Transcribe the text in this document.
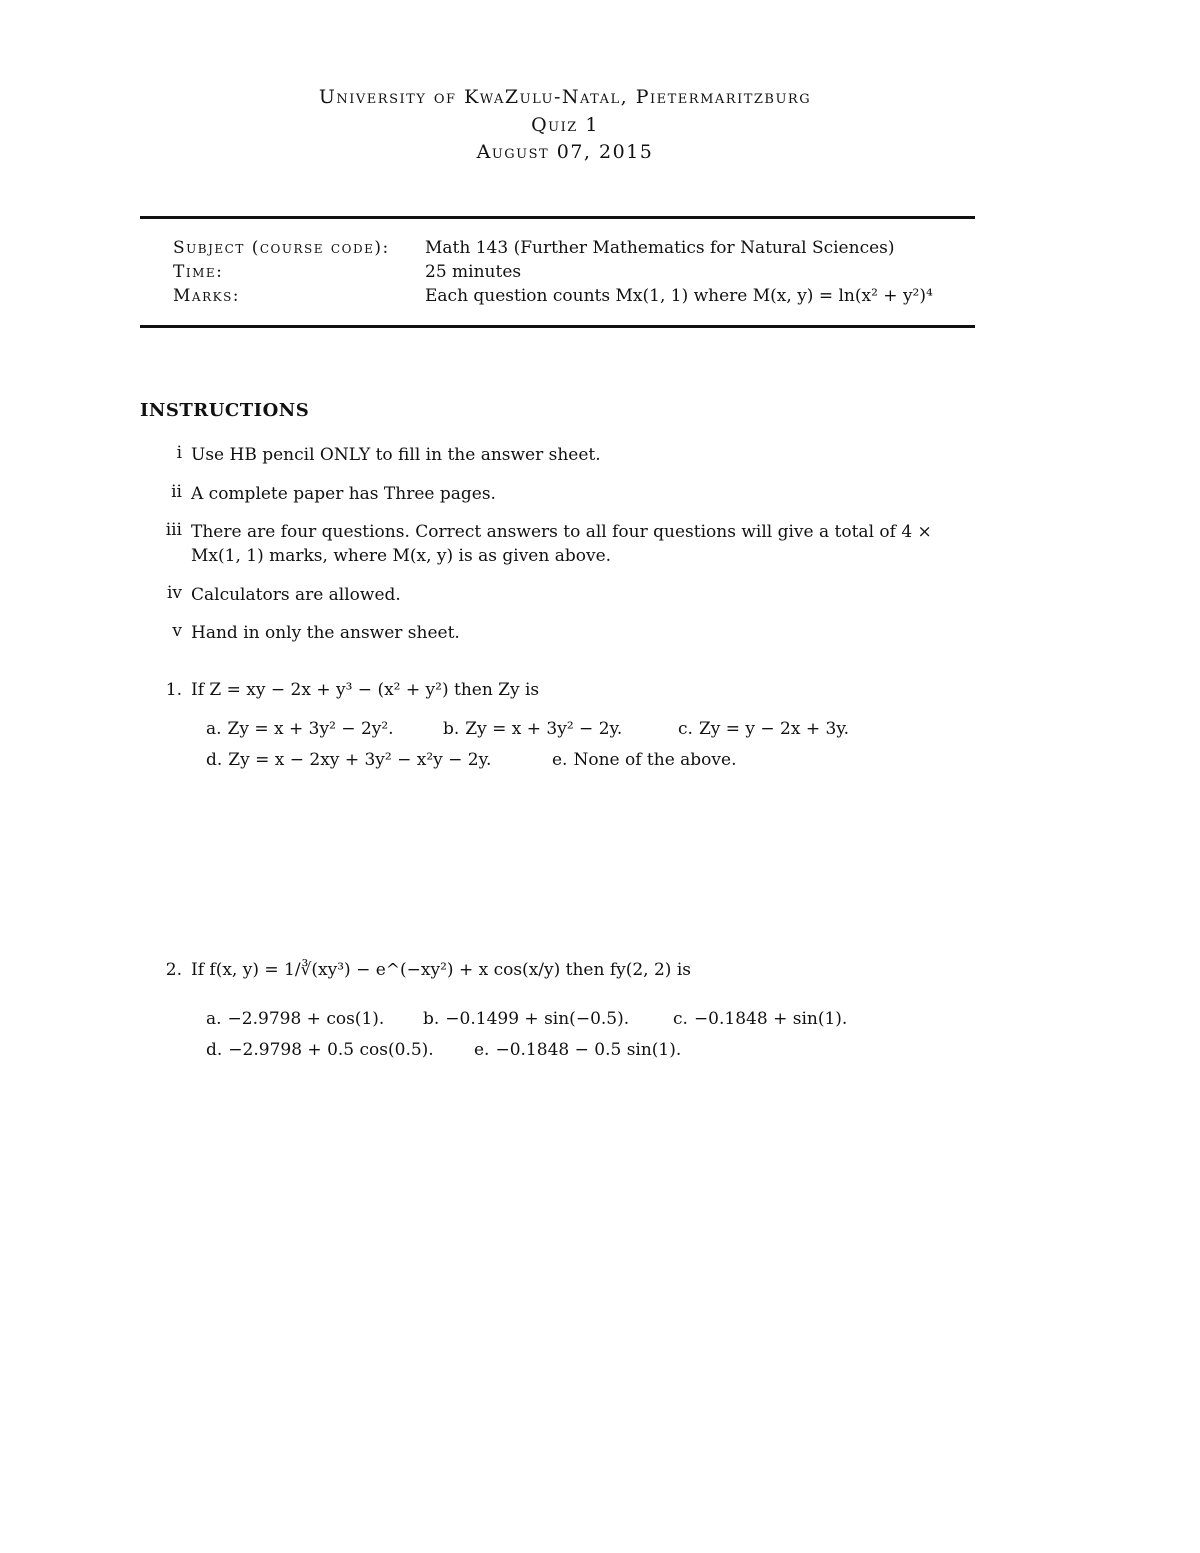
University of KwaZulu-Natal, Pietermaritzburg
Quiz 1
August 07, 2015
Subject (course code): Math 143 (Further Mathematics for Natural Sciences)
Time:	25 minutes
Marks:	Each question counts Mx(1, 1) where M(x, y) = ln(x² + y²)⁴
INSTRUCTIONS
i Use HB pencil ONLY to fill in the answer sheet.
ii A complete paper has Three pages.
iii There are four questions. Correct answers to all four questions will give a total of 4 × Mx(1, 1) marks, where M(x, y) is as given above.
iv Calculators are allowed.
v Hand in only the answer sheet.
1. If Z = xy − 2x + y³ − (x² + y²) then Zy is
a. Zy = x + 3y² − 2y².	b. Zy = x + 3y² − 2y.	c. Zy = y − 2x + 3y.
d. Zy = x − 2xy + 3y² − x²y − 2y.	e. None of the above.
2. If f(x, y) = 1/∛(xy³) − e^(−xy²) + x cos(x/y) then fy(2, 2) is
a. −2.9798 + cos(1). b. −0.1499 + sin(−0.5).	c. −0.1848 + sin(1).
d. −2.9798 + 0.5 cos(0.5). e. −0.1848 − 0.5 sin(1).
